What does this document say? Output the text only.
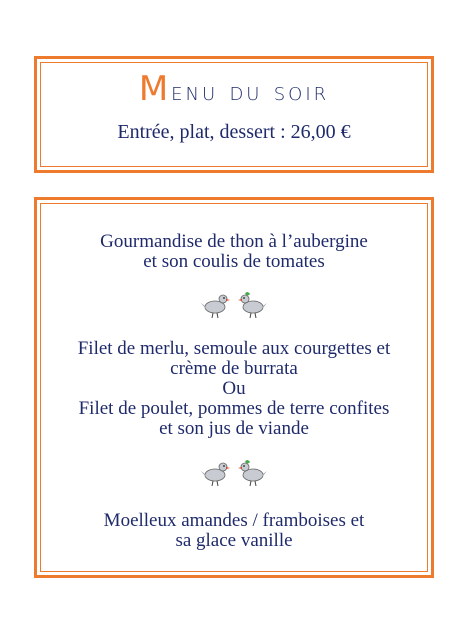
Menu du soir
Entrée, plat, dessert : 26,00 €
Gourmandise de thon à l’aubergine
et son coulis de tomates
Filet de merlu, semoule aux courgettes et
crème de burrata
Ou
Filet de poulet, pommes de terre confites
et son jus de viande
Moelleux amandes / framboises et
sa glace vanille
